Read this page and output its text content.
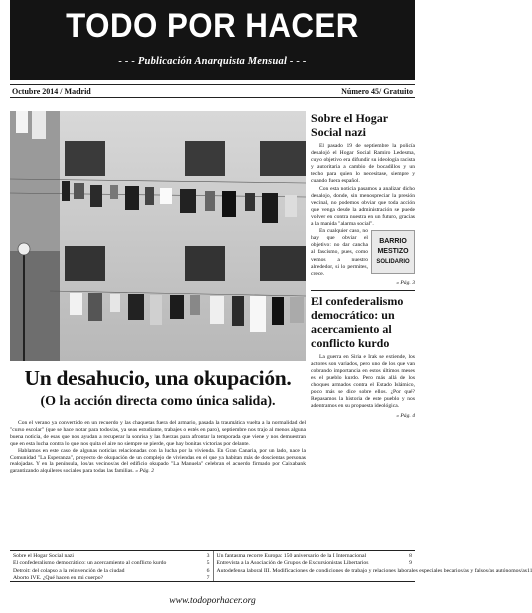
TODO POR HACER
- - - Publicación Anarquista Mensual - - -
Octubre 2014 / Madrid	Número 45/ Gratuito
Sobre el Hogar Social nazi

El pasado 19 de septiembre la policía desalojó el Hogar Social Ramiro Ledesma, cuyo objetivo era difundir su ideología racista y autoritaria a cambio de bocadillos y un techo para quien lo necesitase, siempre y cuando fuera español.

Con esta noticia pasamos a analizar dicho desalojo, donde, sin menospreciar la presión vecinal, no podemos obviar que toda acción que venga desde la administración se puede volver en contra nuestra en un futuro, gracias a la manida "alarma social".

BARRIO
MESTIZO
SOLIDARIO

En cualquier caso, no hay que obviar el objetivo: no dar cancha al fascismo, pues, como vemos a nuestro alrededor, si lo permites, crece.

» Pág. 3
El confederalismo democrático: un acercamiento al conflicto kurdo

La guerra en Siria e Irak se extiende, los actores son variados, pero uno de los que van cobrando importancia en estos últimos meses es el pueblo kurdo. Pero más allá de los choques armados contra el Estado Islámico, poco más se dice sobre ellos. ¿Por qué? Repasamos la historia de este pueblo y nos adentramos en su propuesta ideológica.

» Pág. 4
Un desahucio, una okupación.
(O la acción directa como única salida).

Con el verano ya convertido en un recuerdo y las chaquetas fuera del armario, pasada la traumática vuelta a la normalidad del "curso escolar" (que se hace notar para todos/as, ya seas estudiante, trabajes o estés en paro), septiembre nos trajo al menos alguna buena noticia, de esas que nos ayudan a recuperar la sonrisa y las fuerzas para afrontar la temporada que viene y nos demuestran que en esta lucha contra lo que nos quita el aire no siempre se pierde, que hay bonitas victorias por delante.

Hablamos en este caso de algunas noticias relacionadas con la lucha por la vivienda. En Gran Canaria, por un lado, nace la Comunidad "La Esperanza", proyecto de okupación de un complejo de viviendas en el que ya habitan más de doscientas personas realojadas. Y en la península, los/as vecinos/as del edificio okupado "La Manuela" celebran el acuerdo firmado por Caixabank garantizando alquileres sociales para todas las familias. » Pág. 2

Sobre el Hogar Social nazi	3
El confederalismo democrático: un acercamiento al conflicto kurdo	5
Detroit: del colapso a la reinvención de la ciudad	6
Aborto IVE. ¿Qué hacen en mi cuerpo?	7
Un fantasma recorre Europa: 150 aniversario de la I Internacional	8
Entrevista a la Asociación de Grupos de Excursionistas Libertarios	9
Autodefensa laboral III. Modificaciones de condiciones de trabajo y relaciones laborales especiales becarios/as y falsos/as autónomos/as 11
www.todoporhacer.org
